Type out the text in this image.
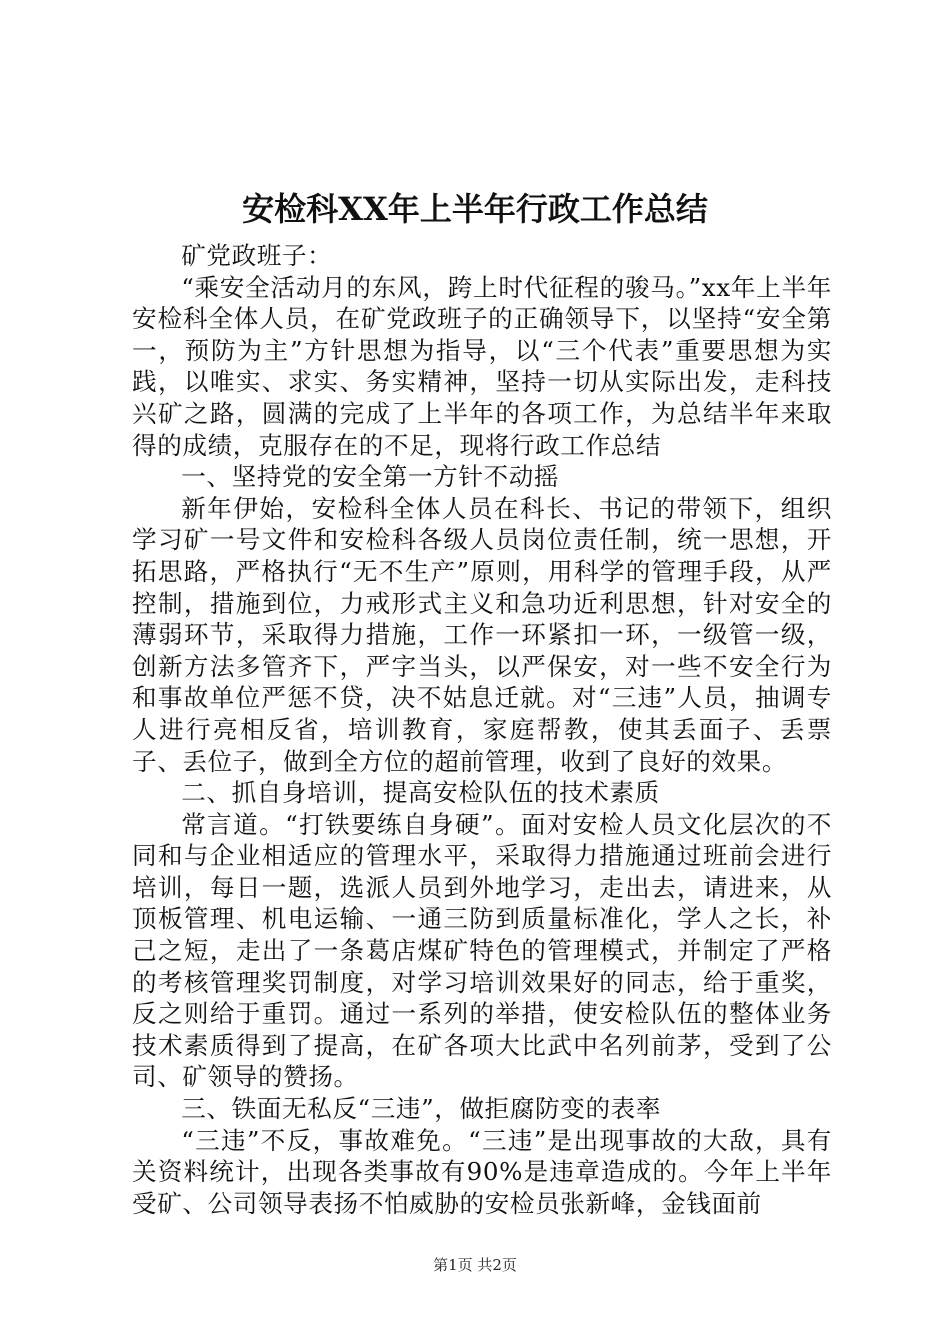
安检科XX年上半年行政工作总结

矿党政班子：

“乘安全活动月的东风，跨上时代征程的骏马。”xx年上半年安检科全体人员，在矿党政班子的正确领导下，以坚持“安全第一，预防为主”方针思想为指导，以“三个代表”重要思想为实践，以唯实、求实、务实精神，坚持一切从实际出发，走科技兴矿之路，圆满的完成了上半年的各项工作，为总结半年来取得的成绩，克服存在的不足，现将行政工作总结

一、坚持党的安全第一方针不动摇

新年伊始，安检科全体人员在科长、书记的带领下，组织学习矿一号文件和安检科各级人员岗位责任制，统一思想，开拓思路，严格执行“无不生产”原则，用科学的管理手段，从严控制，措施到位，力戒形式主义和急功近利思想，针对安全的薄弱环节，采取得力措施，工作一环紧扣一环，一级管一级，创新方法多管齐下，严字当头，以严保安，对一些不安全行为和事故单位严惩不贷，决不姑息迁就。对“三违”人员，抽调专人进行亮相反省，培训教育，家庭帮教，使其丢面子、丢票子、丢位子，做到全方位的超前管理，收到了良好的效果。

二、抓自身培训，提高安检队伍的技术素质

常言道。“打铁要练自身硬”。面对安检人员文化层次的不同和与企业相适应的管理水平，采取得力措施通过班前会进行培训，每日一题，选派人员到外地学习，走出去，请进来，从顶板管理、机电运输、一通三防到质量标准化，学人之长，补己之短，走出了一条葛店煤矿特色的管理模式，并制定了严格的考核管理奖罚制度，对学习培训效果好的同志，给于重奖，反之则给于重罚。通过一系列的举措，使安检队伍的整体业务技术素质得到了提高，在矿各项大比武中名列前茅，受到了公司、矿领导的赞扬。

三、铁面无私反“三违”，做拒腐防变的表率

“三违”不反，事故难免。“三违”是出现事故的大敌，具有关资料统计，出现各类事故有90%是违章造成的。今年上半年受矿、公司领导表扬不怕威胁的安检员张新峰，金钱面前

第1页 共2页
